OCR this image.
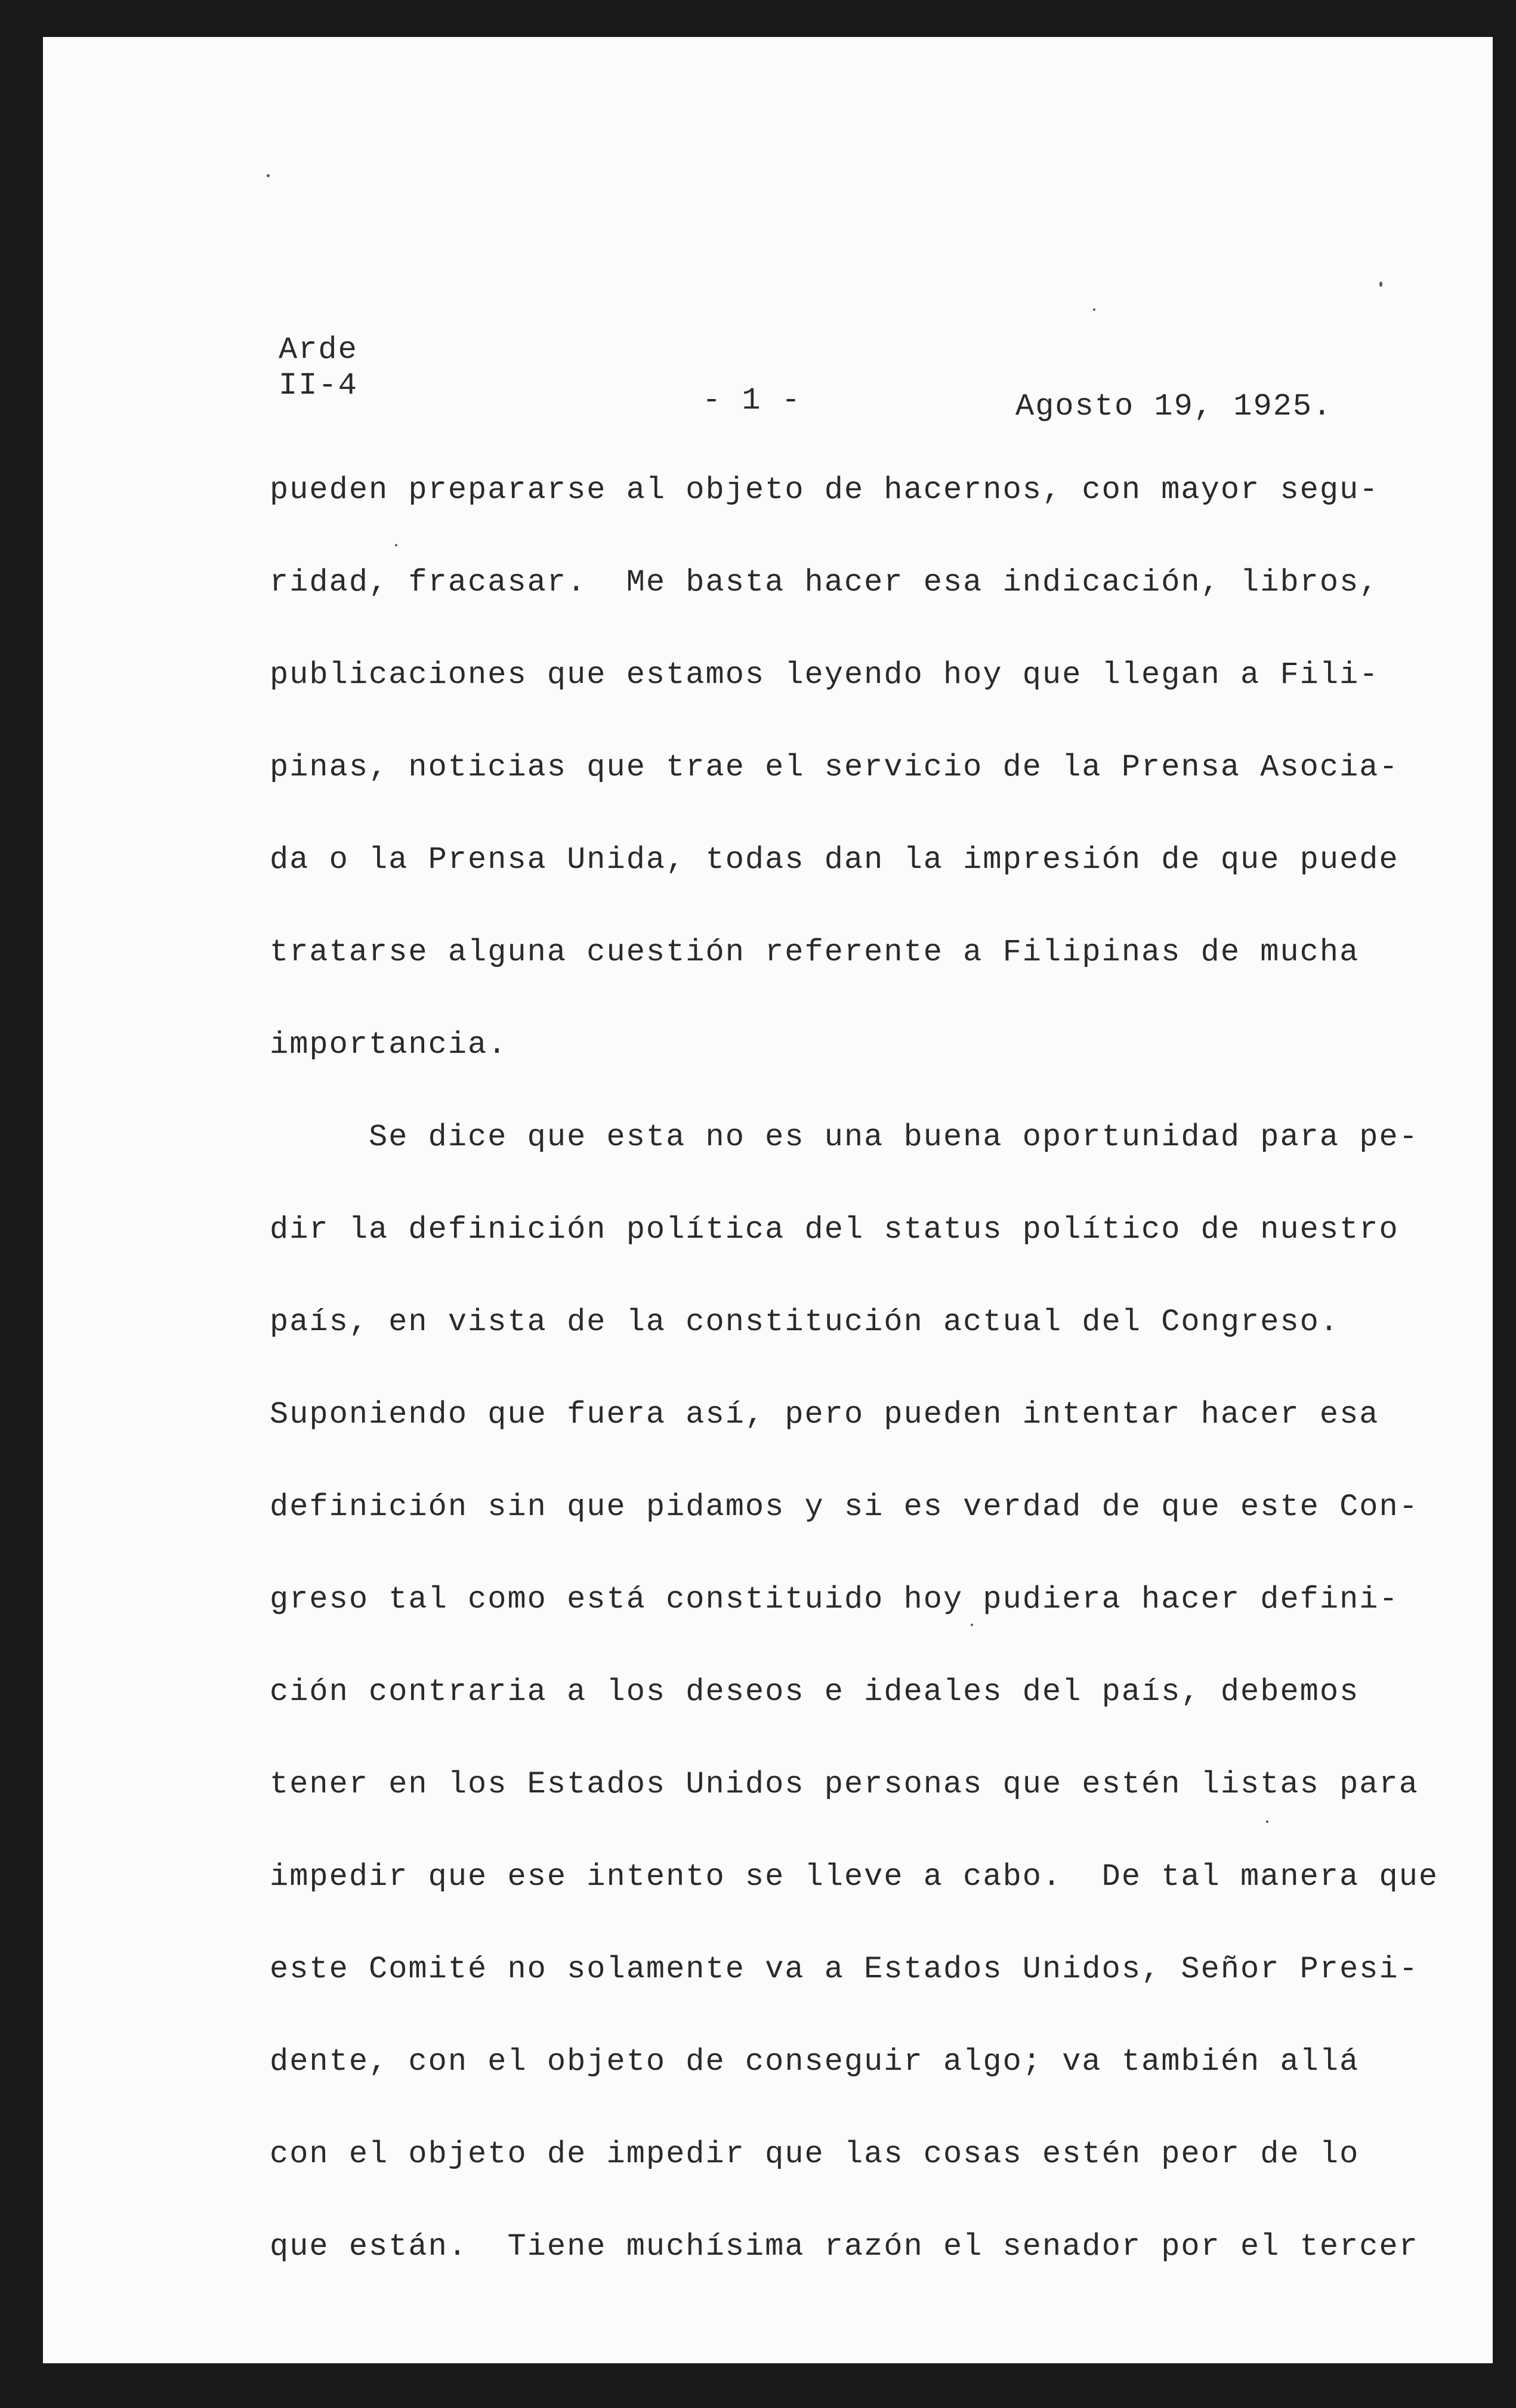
Arde
II-4	- 1 -	Agosto 19, 1925.
pueden prepararse al objeto de hacernos, con mayor segu-
ridad, fracasar.  Me basta hacer esa indicación, libros,
publicaciones que estamos leyendo hoy que llegan a Fili-
pinas, noticias que trae el servicio de la Prensa Asocia-
da o la Prensa Unida, todas dan la impresión de que puede
tratarse alguna cuestión referente a Filipinas de mucha
importancia.
Se dice que esta no es una buena oportunidad para pe-
dir la definición política del status político de nuestro
país, en vista de la constitución actual del Congreso.
Suponiendo que fuera así, pero pueden intentar hacer esa
definición sin que pidamos y si es verdad de que este Con-
greso tal como está constituido hoy pudiera hacer defini-
ción contraria a los deseos e ideales del país, debemos
tener en los Estados Unidos personas que estén listas para
impedir que ese intento se lleve a cabo.  De tal manera que
este Comité no solamente va a Estados Unidos, Señor Presi-
dente, con el objeto de conseguir algo; va también allá
con el objeto de impedir que las cosas estén peor de lo
que están.  Tiene muchísima razón el senador por el tercer
